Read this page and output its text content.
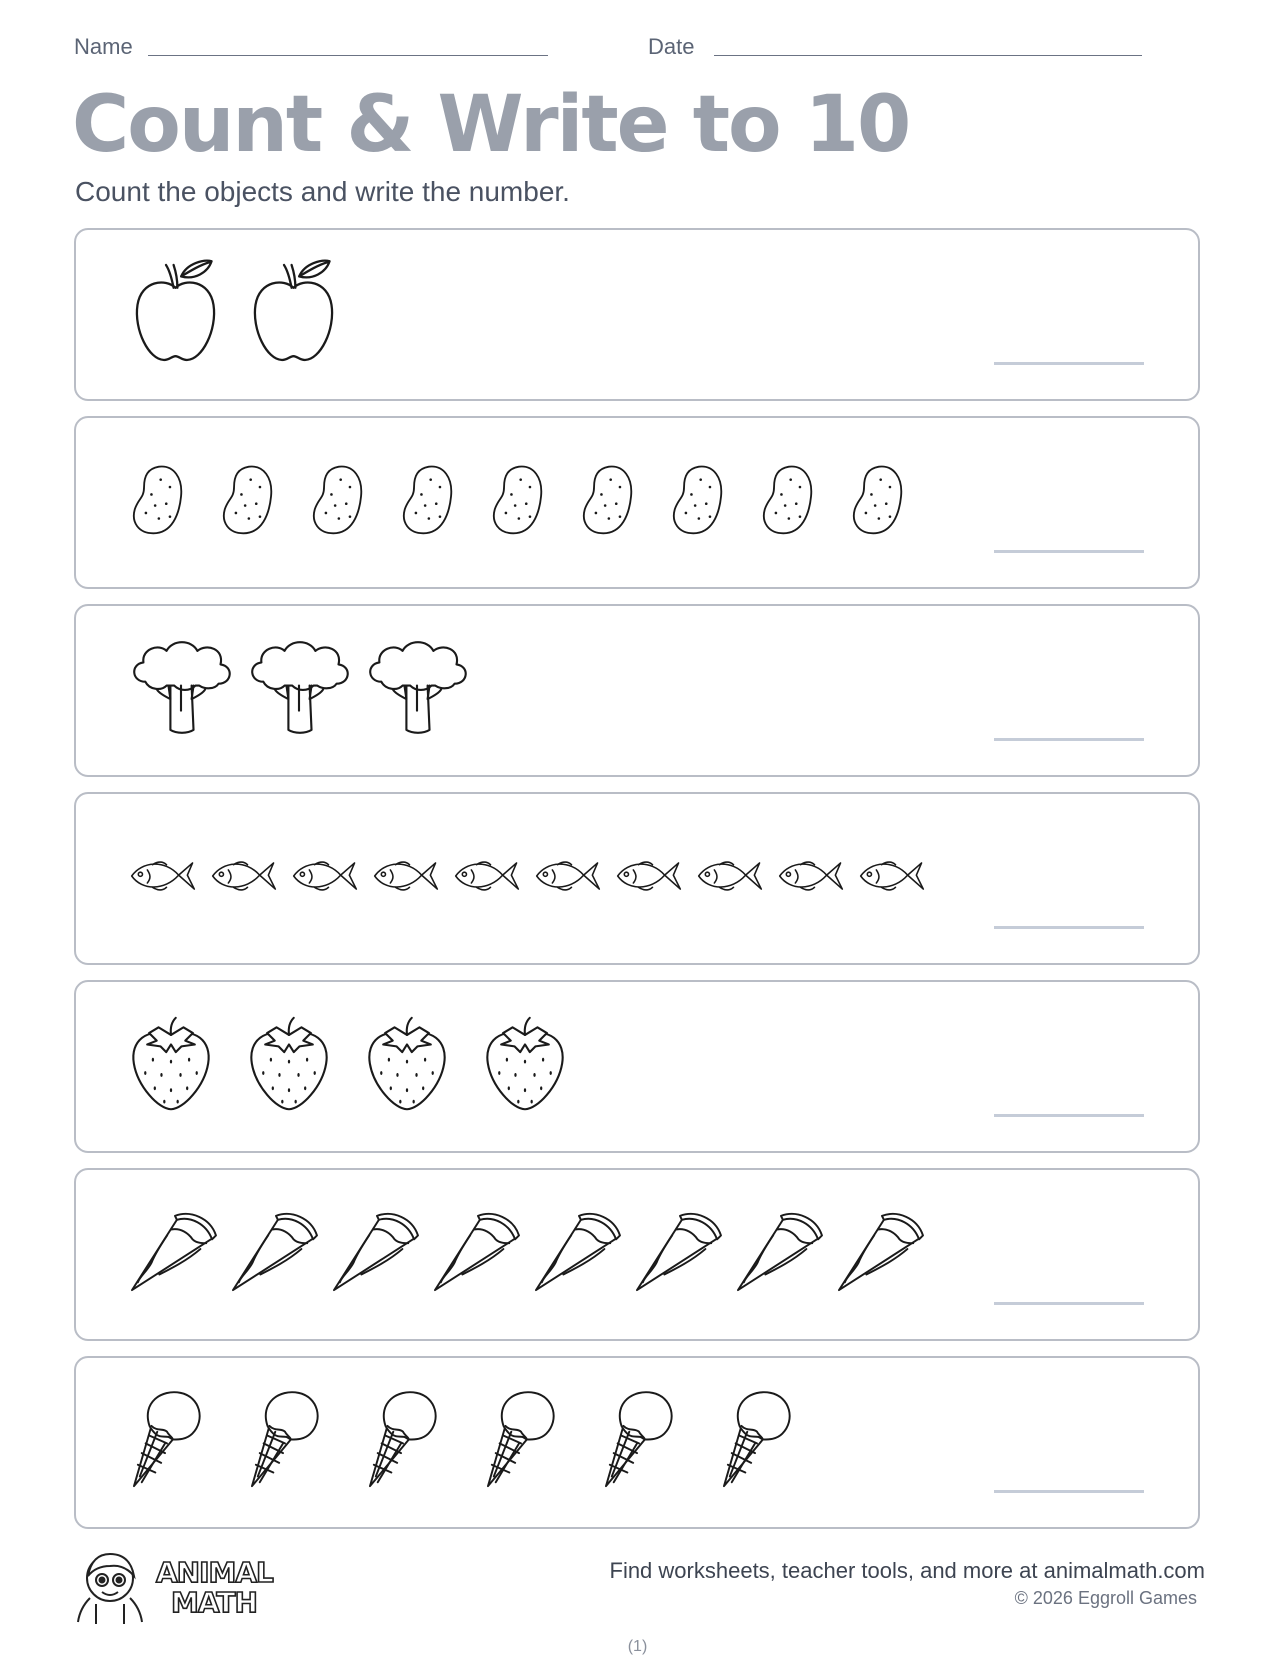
Name	Date
Count & Write to 10
Count the objects and write the number.
ANIMAL
MATH
Find worksheets, teacher tools, and more at animalmath.com
© 2026 Eggroll Games
(1)
